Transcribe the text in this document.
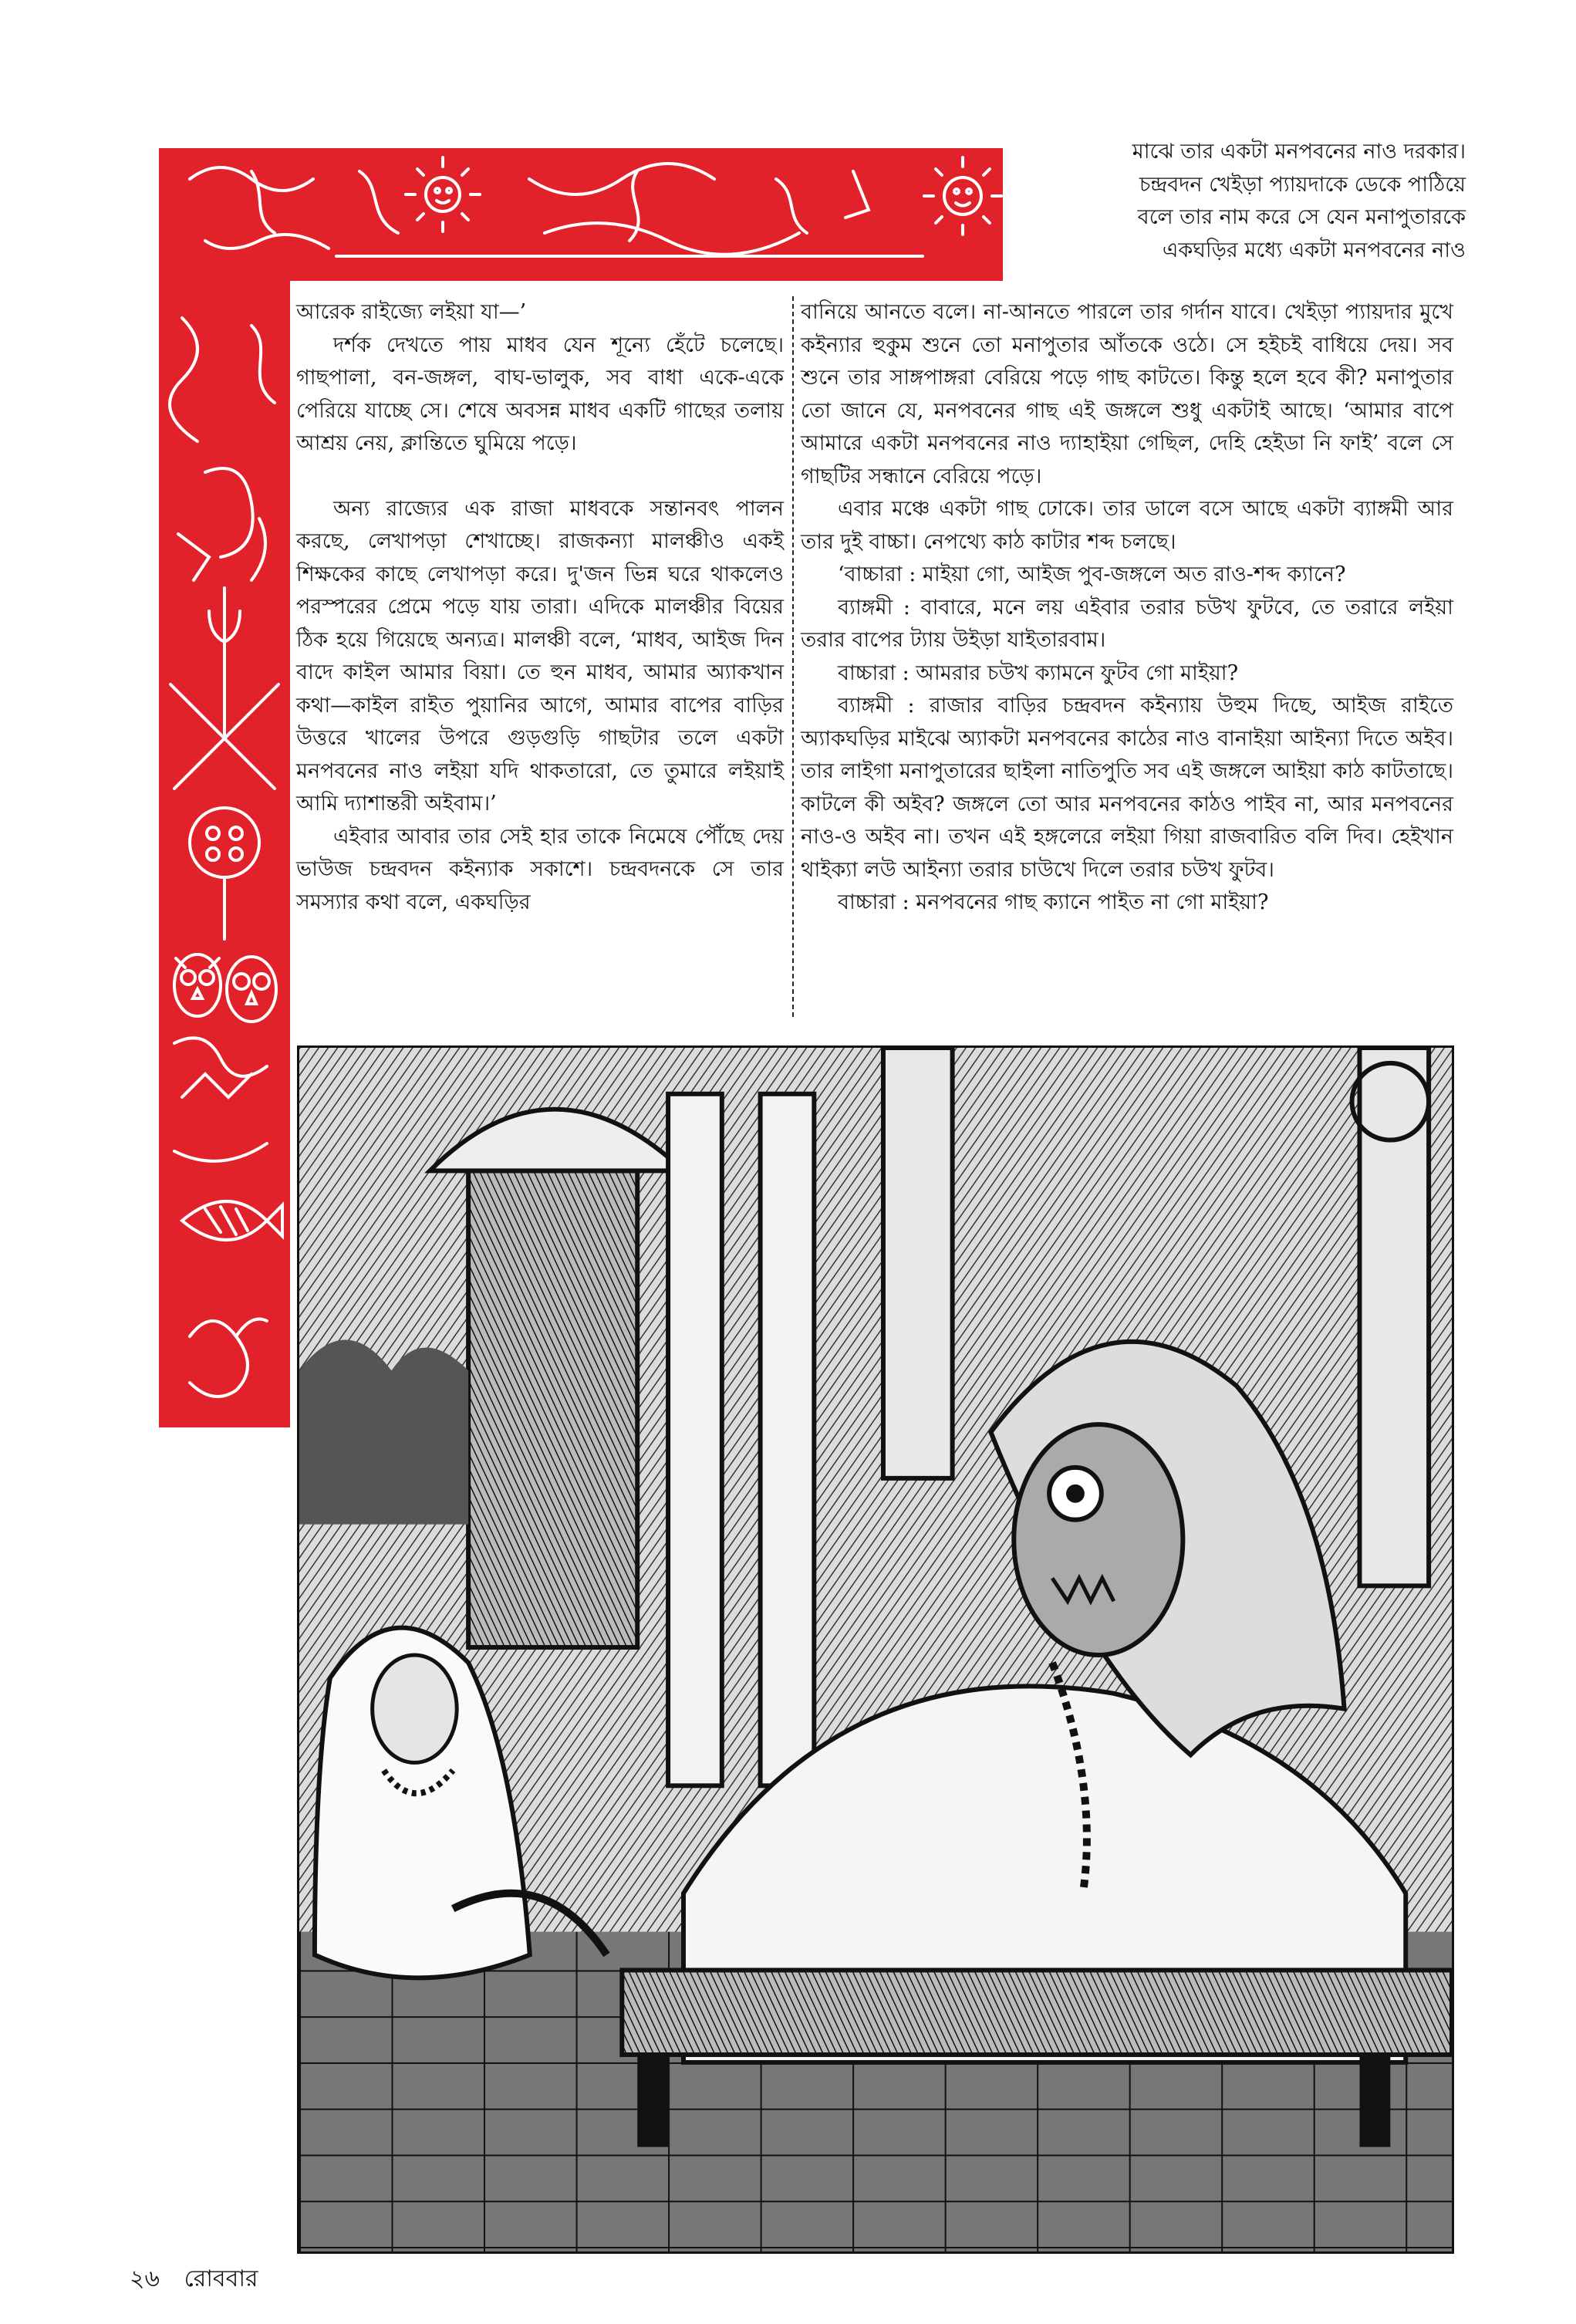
মাঝে তার একটা মনপবনের নাও দরকার।

চন্দ্রবদন খেইড়া প্যায়দাকে ডেকে পাঠিয়ে

বলে তার নাম করে সে যেন মনাপুতারকে

একঘড়ির মধ্যে একটা মনপবনের নাও

আরেক রাইজ্যে লইয়া যা—’

দর্শক দেখতে পায় মাধব যেন শূন্যে হেঁটে চলেছে। গাছপালা, বন-জঙ্গল, বাঘ-ভালুক, সব বাধা একে-একে পেরিয়ে যাচ্ছে সে। শেষে অবসন্ন মাধব একটি গাছের তলায় আশ্রয় নেয়, ক্লান্তিতে ঘুমিয়ে পড়ে।

অন্য রাজ্যের এক রাজা মাধবকে সন্তানবৎ পালন করছে, লেখাপড়া শেখাচ্ছে। রাজকন্যা মালঞ্চীও একই শিক্ষকের কাছে লেখাপড়া করে। দু'জন ভিন্ন ঘরে থাকলেও পরস্পরের প্রেমে পড়ে যায় তারা। এদিকে মালঞ্চীর বিয়ের ঠিক হয়ে গিয়েছে অন্যত্র। মালঞ্চী বলে, ‘মাধব, আইজ দিন বাদে কাইল আমার বিয়া। তে হুন মাধব, আমার অ্যাকখান কথা—কাইল রাইত পুয়ানির আগে, আমার বাপের বাড়ির উত্তরে খালের উপরে গুড়গুড়ি গাছটার তলে একটা মনপবনের নাও লইয়া যদি থাকতারো, তে তুমারে লইয়াই আমি দ্যাশান্তরী অইবাম।’

এইবার আবার তার সেই হার তাকে নিমেষে পৌঁছে দেয় ভাউজ চন্দ্রবদন কইন্যাক সকাশে। চন্দ্রবদনকে সে তার সমস্যার কথা বলে, একঘড়ির

বানিয়ে আনতে বলে। না-আনতে পারলে তার গর্দান যাবে। খেইড়া প্যায়দার মুখে কইন্যার হুকুম শুনে তো মনাপুতার আঁতকে ওঠে। সে হইচই বাধিয়ে দেয়। সব শুনে তার সাঙ্গপাঙ্গরা বেরিয়ে পড়ে গাছ কাটতে। কিন্তু হলে হবে কী? মনাপুতার তো জানে যে, মনপবনের গাছ এই জঙ্গলে শুধু একটাই আছে। ‘আমার বাপে আমারে একটা মনপবনের নাও দ্যাহাইয়া গেছিল, দেহি হেইডা নি ফাই’ বলে সে গাছটির সন্ধানে বেরিয়ে পড়ে।

এবার মঞ্চে একটা গাছ ঢোকে। তার ডালে বসে আছে একটা ব্যাঙ্গমী আর তার দুই বাচ্চা। নেপথ্যে কাঠ কাটার শব্দ চলছে।

‘বাচ্চারা : মাইয়া গো, আইজ পুব-জঙ্গলে অত রাও-শব্দ ক্যানে?

ব্যাঙ্গমী : বাবারে, মনে লয় এইবার তরার চউখ ফুটবে, তে তরারে লইয়া তরার বাপের ট্যায় উইড়া যাইতারবাম।

বাচ্চারা : আমরার চউখ ক্যামনে ফুটব গো মাইয়া?

ব্যাঙ্গমী : রাজার বাড়ির চন্দ্রবদন কইন্যায় উহুম দিছে, আইজ রাইতে অ্যাকঘড়ির মাইঝে অ্যাকটা মনপবনের কাঠের নাও বানাইয়া আইন্যা দিতে অইব। তার লাইগা মনাপুতারের ছাইলা নাতিপুতি সব এই জঙ্গলে আইয়া কাঠ কাটতাছে। কাটলে কী অইব? জঙ্গলে তো আর মনপবনের কাঠও পাইব না, আর মনপবনের নাও-ও অইব না। তখন এই হঙ্গলেরে লইয়া গিয়া রাজবারিত বলি দিব। হেইখান থাইক্যা লউ আইন্যা তরার চাউখে দিলে তরার চউখ ফুটব।

বাচ্চারা : মনপবনের গাছ ক্যানে পাইত না গো মাইয়া?

২৬ রোববার
